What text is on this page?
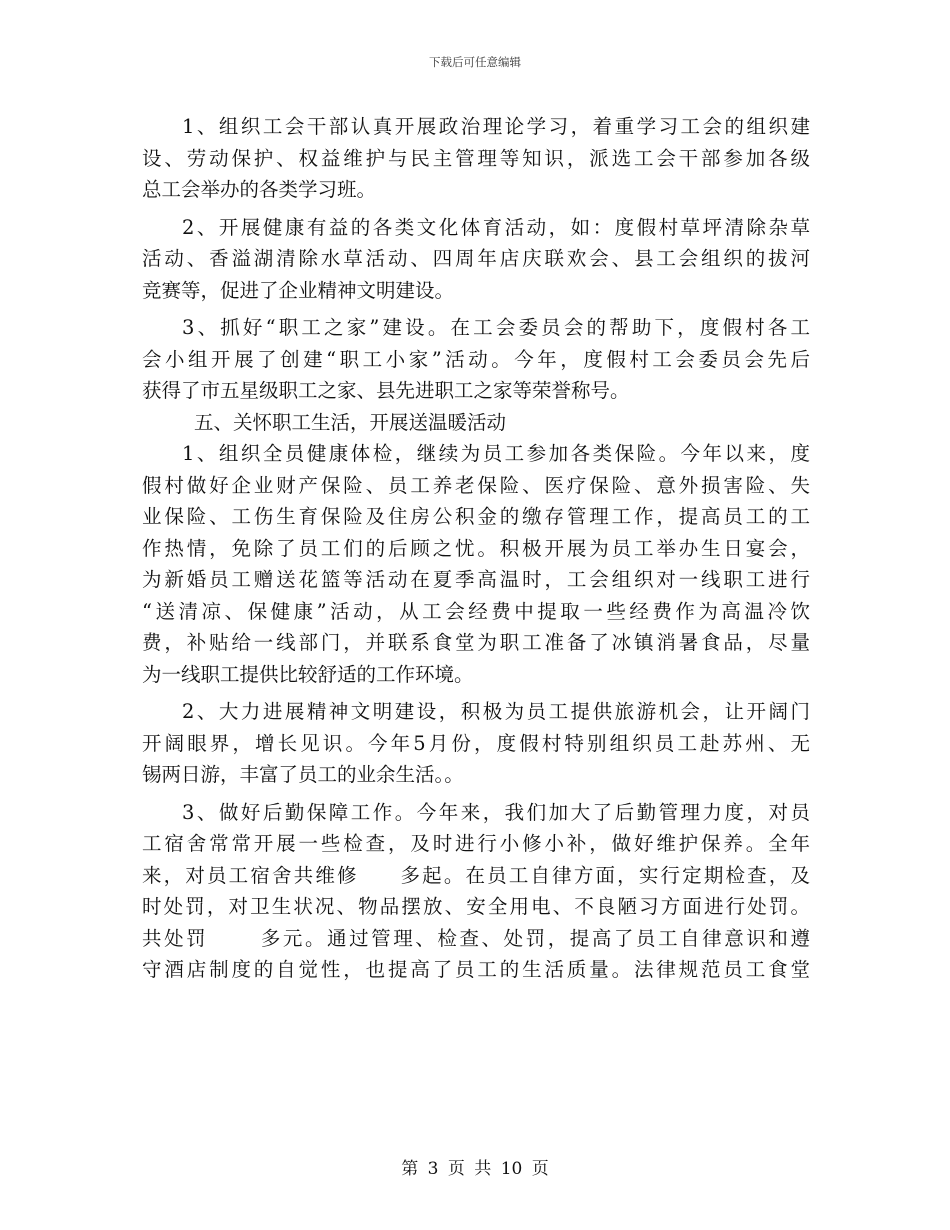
下载后可任意编辑
1、组织工会干部认真开展政治理论学习，着重学习工会的组织建
设、劳动保护、权益维护与民主管理等知识，派选工会干部参加各级
总工会举办的各类学习班。
2、开展健康有益的各类文化体育活动，如：度假村草坪清除杂草
活动、香溢湖清除水草活动、四周年店庆联欢会、县工会组织的拔河
竞赛等，促进了企业精神文明建设。
3、抓好“职工之家”建设。在工会委员会的帮助下，度假村各工
会小组开展了创建“职工小家”活动。今年，度假村工会委员会先后
获得了市五星级职工之家、县先进职工之家等荣誉称号。
五、关怀职工生活，开展送温暖活动
1、组织全员健康体检，继续为员工参加各类保险。今年以来，度
假村做好企业财产保险、员工养老保险、医疗保险、意外损害险、失
业保险、工伤生育保险及住房公积金的缴存管理工作，提高员工的工
作热情，免除了员工们的后顾之忧。积极开展为员工举办生日宴会，
为新婚员工赠送花篮等活动在夏季高温时，工会组织对一线职工进行
“送清凉、保健康”活动，从工会经费中提取一些经费作为高温冷饮
费，补贴给一线部门，并联系食堂为职工准备了冰镇消暑食品，尽量
为一线职工提供比较舒适的工作环境。
2、大力进展精神文明建设，积极为员工提供旅游机会，让开阔门
开阔眼界，增长见识。今年5月份，度假村特别组织员工赴苏州、无
锡两日游，丰富了员工的业余生活。。
3、做好后勤保障工作。今年来，我们加大了后勤管理力度，对员
工宿舍常常开展一些检查，及时进行小修小补，做好维护保养。全年
来，对员工宿舍共维修     多起。在员工自律方面，实行定期检查，及
时处罚，对卫生状况、物品摆放、安全用电、不良陋习方面进行处罚。
共处罚      多元。通过管理、检查、处罚，提高了员工自律意识和遵
守酒店制度的自觉性，也提高了员工的生活质量。法律规范员工食堂
第 3 页 共 10 页
